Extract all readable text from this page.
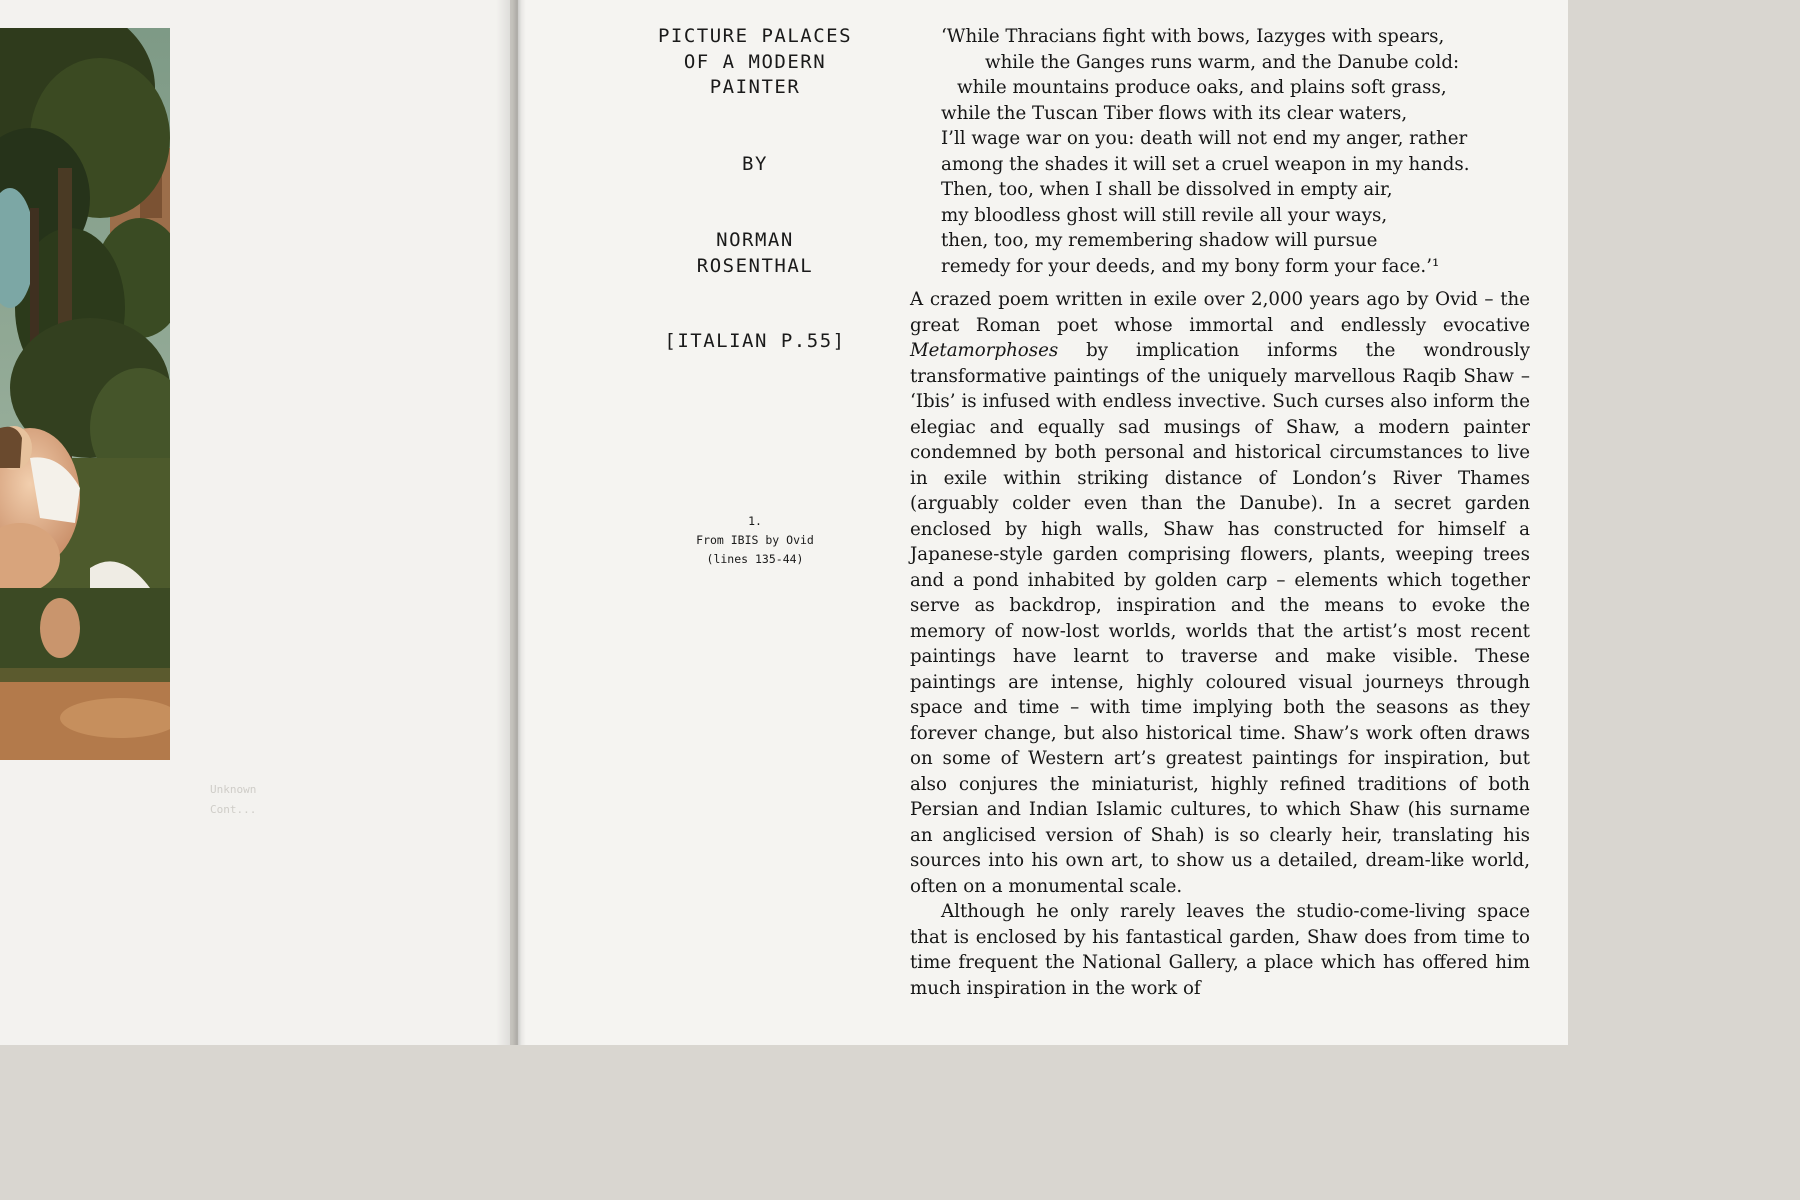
Unknown
Cont...
PICTURE PALACES
OF A MODERN
PAINTER
BY
NORMAN
ROSENTHAL
[ITALIAN P.55]
1.
From IBIS by Ovid
(lines 135-44)
‘While Thracians fight with bows, Iazyges with spears,
while the Ganges runs warm, and the Danube cold:
while mountains produce oaks, and plains soft grass,
while the Tuscan Tiber flows with its clear waters,
I’ll wage war on you: death will not end my anger, rather
among the shades it will set a cruel weapon in my hands.
Then, too, when I shall be dissolved in empty air,
my bloodless ghost will still revile all your ways,
then, too, my remembering shadow will pursue
remedy for your deeds, and my bony form your face.’¹

A crazed poem written in exile over 2,000 years ago by Ovid – the great Roman poet whose immortal and endlessly evocative Metamorphoses by implication informs the wondrously transformative paintings of the uniquely marvellous Raqib Shaw – ‘Ibis’ is infused with endless invective. Such curses also inform the elegiac and equally sad musings of Shaw, a modern painter condemned by both personal and historical circumstances to live in exile within striking distance of London’s River Thames (arguably colder even than the Danube). In a secret garden enclosed by high walls, Shaw has constructed for himself a Japanese-style garden comprising flowers, plants, weeping trees and a pond inhabited by golden carp – elements which together serve as backdrop, inspiration and the means to evoke the memory of now-lost worlds, worlds that the artist’s most recent paintings have learnt to traverse and make visible. These paintings are intense, highly coloured visual journeys through space and time – with time implying both the seasons as they forever change, but also historical time. Shaw’s work often draws on some of Western art’s greatest paintings for inspiration, but also conjures the miniaturist, highly refined traditions of both Persian and Indian Islamic cultures, to which Shaw (his surname an anglicised version of Shah) is so clearly heir, translating his sources into his own art, to show us a detailed, dream-like world, often on a monumental scale.

Although he only rarely leaves the studio-come-living space that is enclosed by his fantastical garden, Shaw does from time to time frequent the National Gallery, a place which has offered him much inspiration in the work of
